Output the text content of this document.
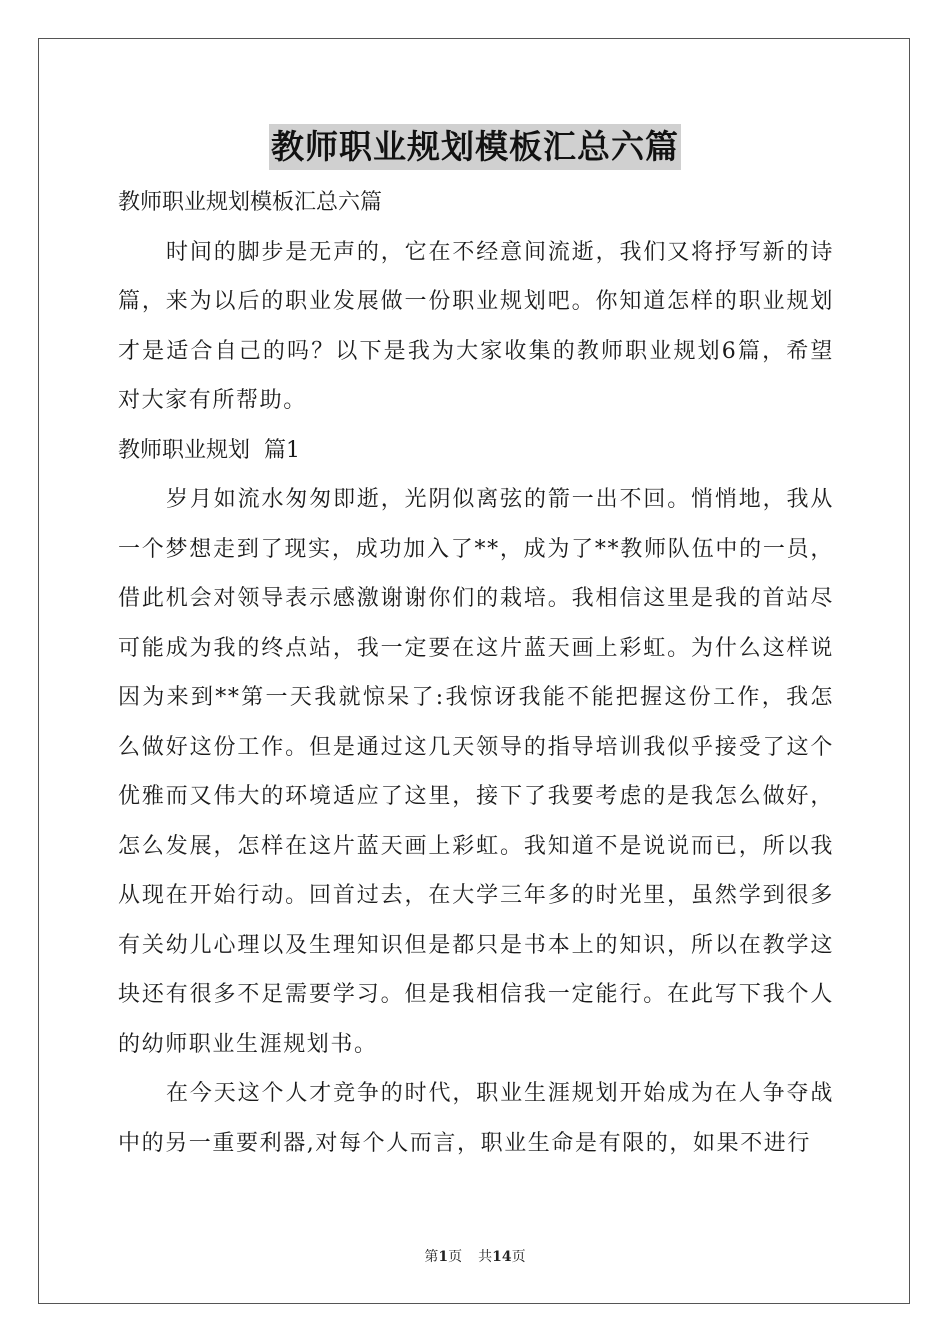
教师职业规划模板汇总六篇
教师职业规划模板汇总六篇

时间的脚步是无声的，它在不经意间流逝，我们又将抒写新的诗篇，来为以后的职业发展做一份职业规划吧。你知道怎样的职业规划才是适合自己的吗？以下是我为大家收集的教师职业规划6篇，希望对大家有所帮助。

教师职业规划  篇1

岁月如流水匆匆即逝，光阴似离弦的箭一出不回。悄悄地，我从一个梦想走到了现实，成功加入了**，成为了**教师队伍中的一员，借此机会对领导表示感激谢谢你们的栽培。我相信这里是我的首站尽可能成为我的终点站，我一定要在这片蓝天画上彩虹。为什么这样说因为来到**第一天我就惊呆了:我惊讶我能不能把握这份工作，我怎么做好这份工作。但是通过这几天领导的指导培训我似乎接受了这个优雅而又伟大的环境适应了这里，接下了我要考虑的是我怎么做好，怎么发展，怎样在这片蓝天画上彩虹。我知道不是说说而已，所以我从现在开始行动。回首过去，在大学三年多的时光里，虽然学到很多有关幼儿心理以及生理知识但是都只是书本上的知识，所以在教学这块还有很多不足需要学习。但是我相信我一定能行。在此写下我个人的幼师职业生涯规划书。

在今天这个人才竞争的时代，职业生涯规划开始成为在人争夺战中的另一重要利器,对每个人而言，职业生命是有限的，如果不进行

第1页 共14页
